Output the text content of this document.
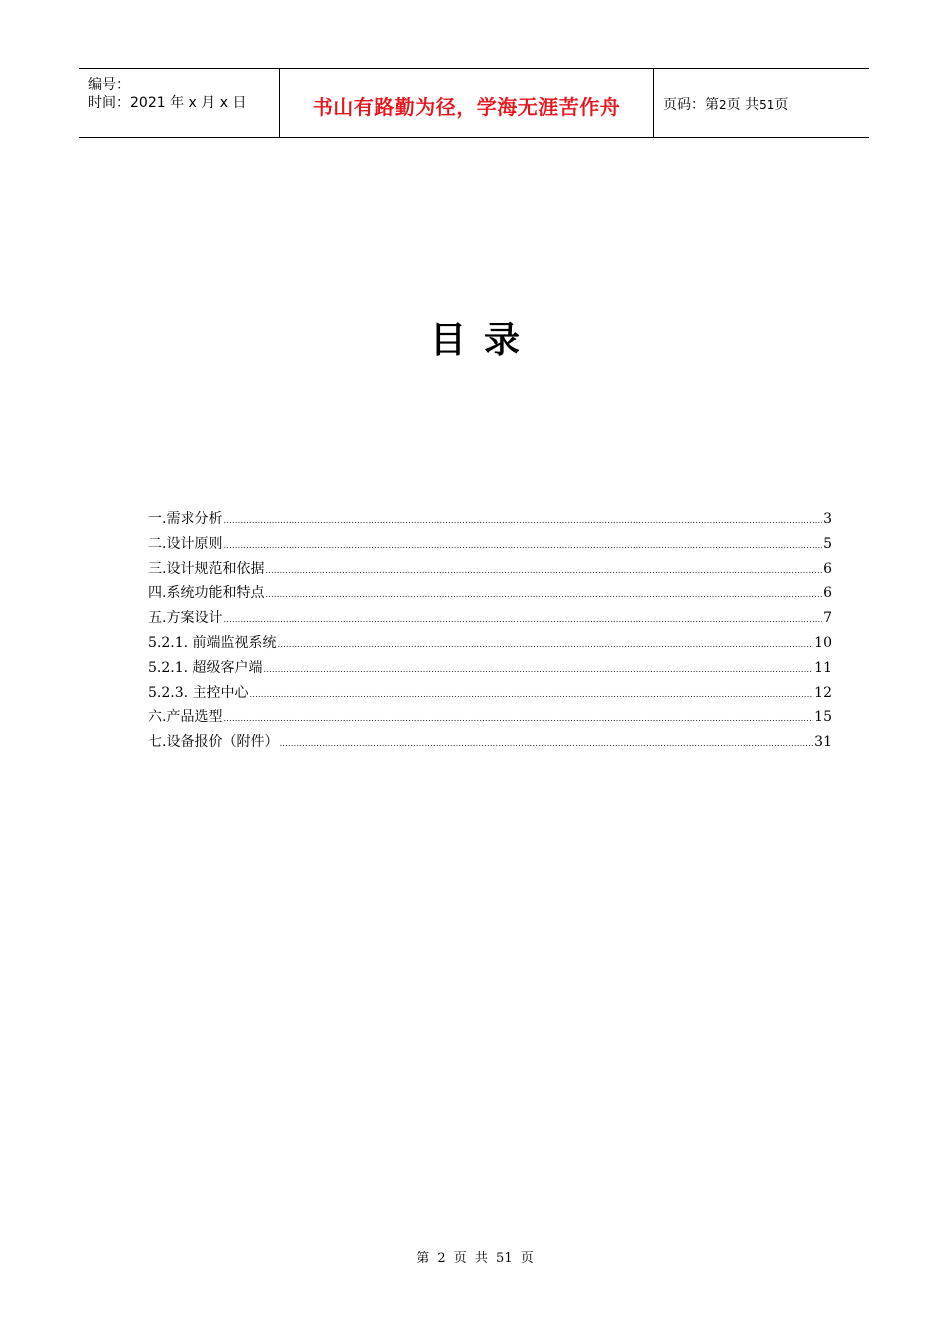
编号：
时间：2021 年 x 月 x 日	书山有路勤为径，学海无涯苦作舟	页码：第2页 共51页
目录
一.需求分析 .....	3
二.设计原则 .....	5
三.设计规范和依据 .....	6
四.系统功能和特点 .....	6
五.方案设计 .....	7
5.2.1. 前端监视系统 .....	10
5.2.1. 超级客户端 .....	11
5.2.3. 主控中心 .....	12
六.产品选型 .....	15
七.设备报价（附件） .....	31
第 2 页 共 51 页
